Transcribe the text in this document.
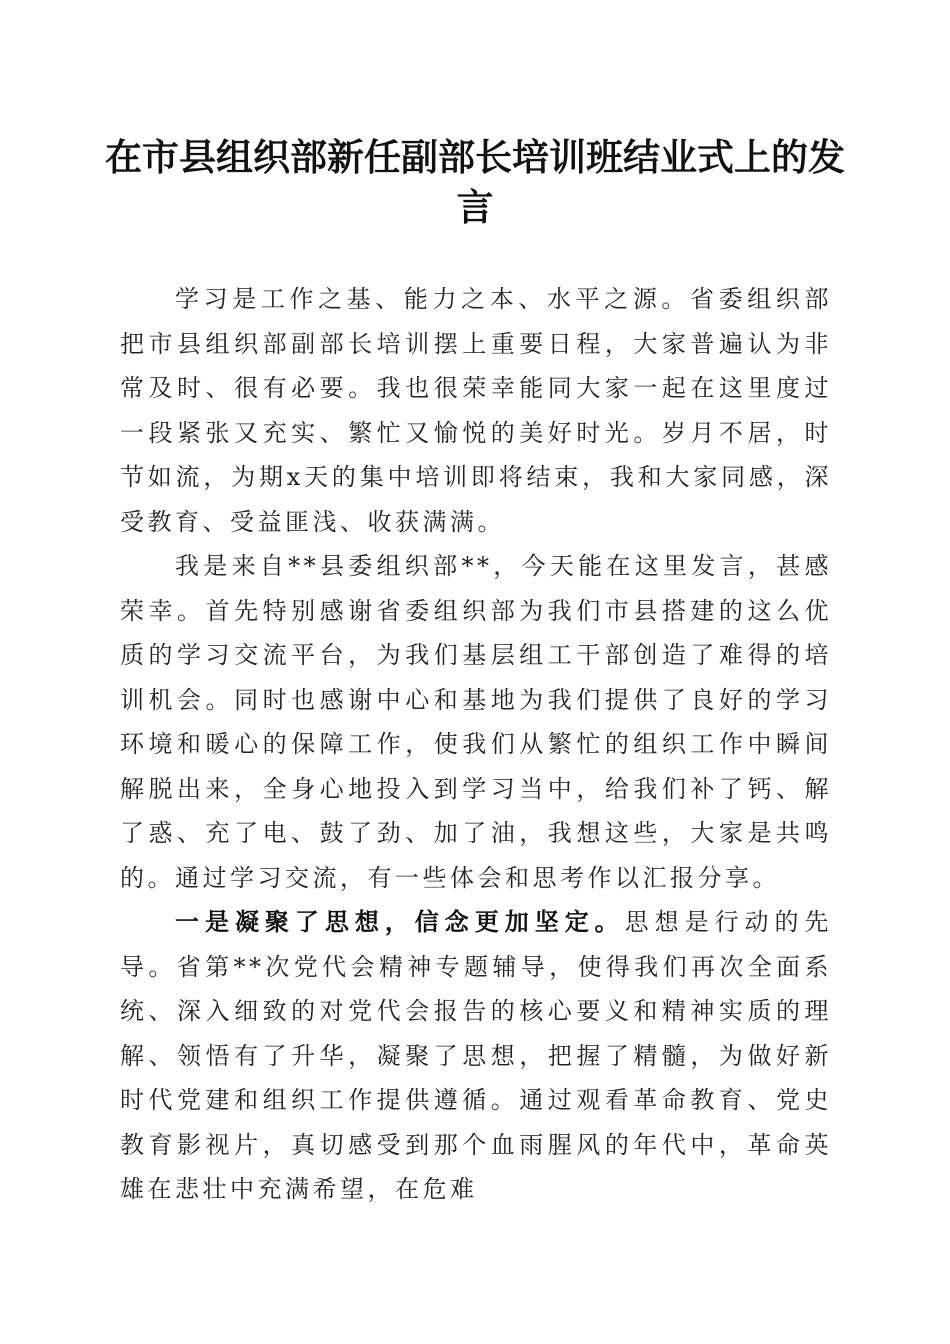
在市县组织部新任副部长培训班结业式上的发言

学习是工作之基、能力之本、水平之源。省委组织部把市县组织部副部长培训摆上重要日程，大家普遍认为非常及时、很有必要。我也很荣幸能同大家一起在这里度过一段紧张又充实、繁忙又愉悦的美好时光。岁月不居，时节如流，为期x天的集中培训即将结束，我和大家同感，深受教育、受益匪浅、收获满满。

我是来自**县委组织部**，今天能在这里发言，甚感荣幸。首先特别感谢省委组织部为我们市县搭建的这么优质的学习交流平台，为我们基层组工干部创造了难得的培训机会。同时也感谢中心和基地为我们提供了良好的学习环境和暖心的保障工作，使我们从繁忙的组织工作中瞬间解脱出来，全身心地投入到学习当中，给我们补了钙、解了惑、充了电、鼓了劲、加了油，我想这些，大家是共鸣的。通过学习交流，有一些体会和思考作以汇报分享。

一是凝聚了思想，信念更加坚定。思想是行动的先导。省第**次党代会精神专题辅导，使得我们再次全面系统、深入细致的对党代会报告的核心要义和精神实质的理解、领悟有了升华，凝聚了思想，把握了精髓，为做好新时代党建和组织工作提供遵循。通过观看革命教育、党史教育影视片，真切感受到那个血雨腥风的年代中，革命英雄在悲壮中充满希望，在危难
